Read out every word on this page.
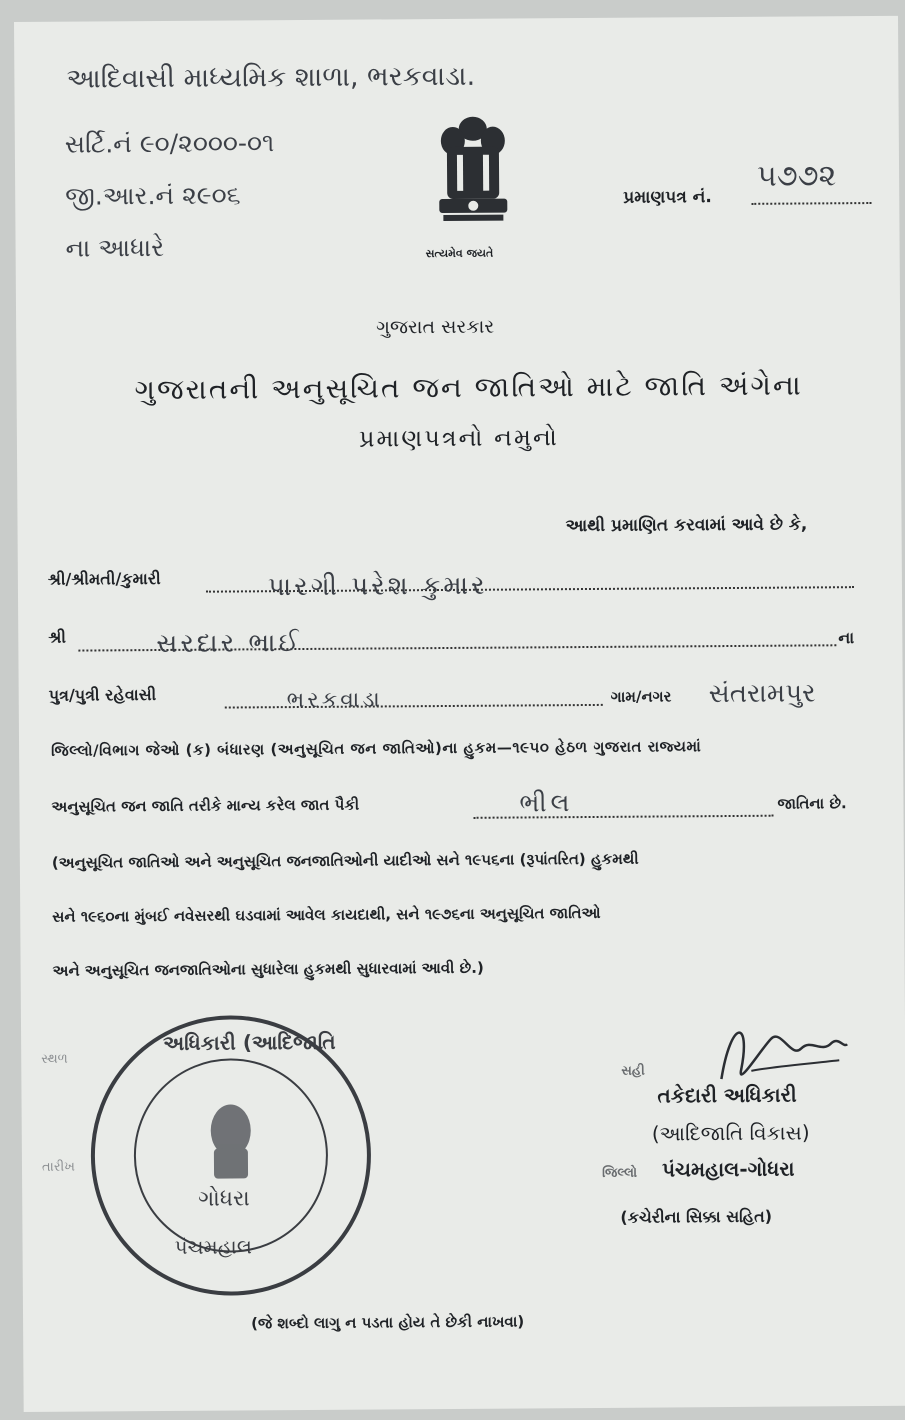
આદિવાસી માધ્યમિક શાળા, ભરકવાડા.
સર્ટિ.નં ૯૦/૨૦૦૦-૦૧
જી.આર.નં ૨૯૦૬
ના આધારે	સત્યમેવ જયતે
પ્રમાણપત્ર નં.
૫૭૭૨
ગુજરાત સરકાર
ગુજરાતની અનુસૂચિત જન જાતિઓ માટે જાતિ અંગેના
પ્રમાણપત્રનો નમુનો
આથી પ્રમાણિત કરવામાં આવે છે કે,
શ્રી/શ્રીમતી/કુમારી	પારગી પરેશ કુમાર
શ્રી	સરદાર ભાઈ	ના
પુત્ર/પુત્રી રહેવાસી	ભરકવાડા	ગામ/નગર સંતરામપુર
જિલ્લો/વિભાગ જેઓ (ક) બંધારણ (અનુસૂચિત જન જાતિઓ)ના હુકમ—૧૯૫૦ હેઠળ ગુજરાત રાજ્યમાં
અનુસૂચિત જન જાતિ તરીકે માન્ય કરેલ જાત પૈકી	ભીલ	જાતિના છે.
(અનુસૂચિત જાતિઓ અને અનુસૂચિત જનજાતિઓની યાદીઓ સને ૧૯૫૬ના (રૂપાંતરિત) હુકમથી
સને ૧૯૬૦ના મુંબઈ નવેસરથી ઘડવામાં આવેલ કાયદાથી, સને ૧૯૭૬ના અનુસૂચિત જાતિઓ
અને અનુસૂચિત જનજાતિઓના સુધારેલા હુકમથી સુધારવામાં આવી છે.)
અધિકારી (આદિજાતિ
ગોધરા
પંચમહાલ
સ્થળ
તારીખ
સહી
તકેદારી અધિકારી
(આદિજાતિ વિકાસ)
જિલ્લો પંચમહાલ-ગોધરા
(કચેરીના સિક્કા સહિત)
(જે શબ્દો લાગુ ન પડતા હોય તે છેકી નાખવા)
